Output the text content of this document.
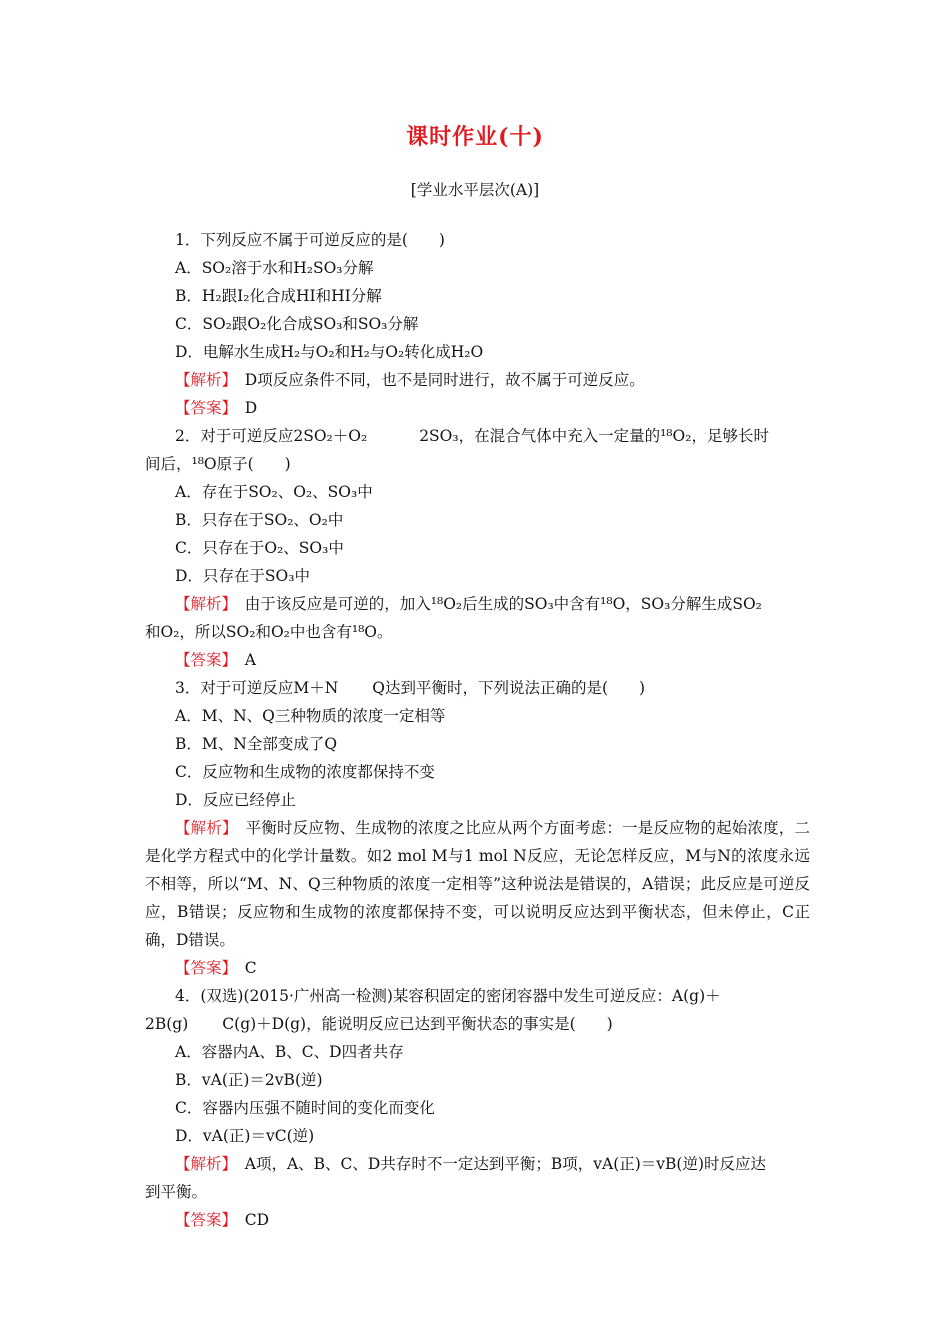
课时作业(十)
[学业水平层次(A)]
1．下列反应不属于可逆反应的是(　　)
A．SO₂溶于水和H₂SO₃分解
B．H₂跟I₂化合成HI和HI分解
C．SO₂跟O₂化合成SO₃和SO₃分解
D．电解水生成H₂与O₂和H₂与O₂转化成H₂O
【解析】　 D项反应条件不同，也不是同时进行，故不属于可逆反应。
【答案】　 D
2．对于可逆反应2SO₂＋O₂	2SO₃，在混合气体中充入一定量的¹⁸O₂，足够长时
间后，¹⁸O原子(　　)
A．存在于SO₂、O₂、SO₃中
B．只存在于SO₂、O₂中
C．只存在于O₂、SO₃中
D．只存在于SO₃中
【解析】　 由于该反应是可逆的，加入¹⁸O₂后生成的SO₃中含有¹⁸O，SO₃分解生成SO₂
和O₂，所以SO₂和O₂中也含有¹⁸O。
【答案】　 A
3．对于可逆反应M＋N Q达到平衡时，下列说法正确的是(　　)
A．M、N、Q三种物质的浓度一定相等
B．M、N全部变成了Q
C．反应物和生成物的浓度都保持不变
D．反应已经停止
【解析】　 平衡时反应物、生成物的浓度之比应从两个方面考虑：一是反应物的起始浓度，二是化学方程式中的化学计量数。如2 mol M与1 mol N反应，无论怎样反应，M与N的浓度永远不相等，所以“M、N、Q三种物质的浓度一定相等”这种说法是错误的，A错误；此反应是可逆反应，B错误；反应物和生成物的浓度都保持不变，可以说明反应达到平衡状态，但未停止，C正确，D错误。
【答案】　 C
4．(双选)(2015·广州高一检测)某容积固定的密闭容器中发生可逆反应：A(g)＋
2B(g) C(g)＋D(g)，能说明反应已达到平衡状态的事实是(　　)
A．容器内A、B、C、D四者共存
B．vA(正)＝2vB(逆)
C．容器内压强不随时间的变化而变化
D．vA(正)＝vC(逆)
【解析】　 A项，A、B、C、D共存时不一定达到平衡；B项，vA(正)＝vB(逆)时反应达
到平衡。
【答案】　 CD
